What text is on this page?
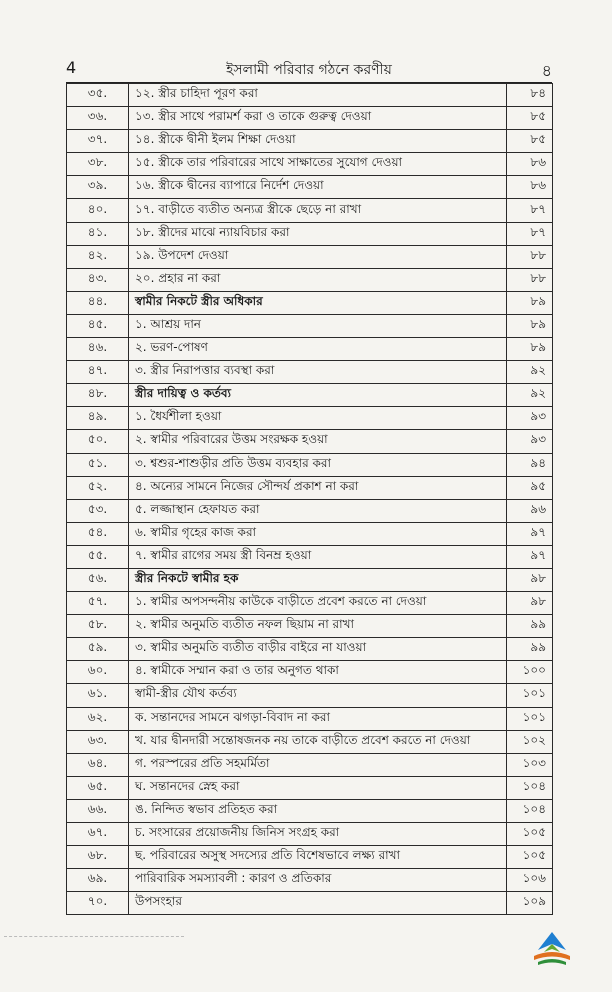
4	ইসলামী পরিবার গঠনে করণীয়	৪
৩৫.	১২. স্ত্রীর চাহিদা পূরণ করা	৮৪
৩৬.	১৩. স্ত্রীর সাথে পরামর্শ করা ও তাকে গুরুত্ব দেওয়া	৮৫
৩৭.	১৪. স্ত্রীকে দ্বীনী ইলম শিক্ষা দেওয়া	৮৫
৩৮.	১৫. স্ত্রীকে তার পরিবারের সাথে সাক্ষাতের সুযোগ দেওয়া	৮৬
৩৯.	১৬. স্ত্রীকে দ্বীনের ব্যাপারে নির্দেশ দেওয়া	৮৬
৪০.	১৭. বাড়ীতে ব্যতীত অন্যত্র স্ত্রীকে ছেড়ে না রাখা	৮৭
৪১.	১৮. স্ত্রীদের মাঝে ন্যায়বিচার করা	৮৭
৪২.	১৯. উপদেশ দেওয়া	৮৮
৪৩.	২০. প্রহার না করা	৮৮
৪৪.	স্বামীর নিকটে স্ত্রীর অধিকার	৮৯
৪৫.	১. আশ্রয় দান	৮৯
৪৬.	২. ভরণ-পোষণ	৮৯
৪৭.	৩. স্ত্রীর নিরাপত্তার ব্যবস্থা করা	৯২
৪৮.	স্ত্রীর দায়িত্ব ও কর্তব্য	৯২
৪৯.	১. ধৈর্যশীলা হওয়া	৯৩
৫০.	২. স্বামীর পরিবারের উত্তম সংরক্ষক হওয়া	৯৩
৫১.	৩. শ্বশুর-শাশুড়ীর প্রতি উত্তম ব্যবহার করা	৯৪
৫২.	৪. অন্যের সামনে নিজের সৌন্দর্য প্রকাশ না করা	৯৫
৫৩.	৫. লজ্জাস্থান হেফাযত করা	৯৬
৫৪.	৬. স্বামীর গৃহের কাজ করা	৯৭
৫৫.	৭. স্বামীর রাগের সময় স্ত্রী বিনম্র হওয়া	৯৭
৫৬.	স্ত্রীর নিকটে স্বামীর হক	৯৮
৫৭.	১. স্বামীর অপসন্দনীয় কাউকে বাড়ীতে প্রবেশ করতে না দেওয়া	৯৮
৫৮.	২. স্বামীর অনুমতি ব্যতীত নফল ছিয়াম না রাখা	৯৯
৫৯.	৩. স্বামীর অনুমতি ব্যতীত বাড়ীর বাইরে না যাওয়া	৯৯
৬০.	৪. স্বামীকে সম্মান করা ও তার অনুগত থাকা	১০০
৬১.	স্বামী-স্ত্রীর যৌথ কর্তব্য	১০১
৬২.	ক. সন্তানদের সামনে ঝগড়া-বিবাদ না করা	১০১
৬৩.	খ. যার দ্বীনদারী সন্তোষজনক নয় তাকে বাড়ীতে প্রবেশ করতে না দেওয়া	১০২
৬৪.	গ. পরস্পরের প্রতি সহমর্মিতা	১০৩
৬৫.	ঘ. সন্তানদের স্নেহ করা	১০৪
৬৬.	ঙ. নিন্দিত স্বভাব প্রতিহত করা	১০৪
৬৭.	চ. সংসারের প্রয়োজনীয় জিনিস সংগ্রহ করা	১০৫
৬৮.	ছ. পরিবারের অসুস্থ সদস্যের প্রতি বিশেষভাবে লক্ষ্য রাখা	১০৫
৬৯.	পারিবারিক সমস্যাবলী : কারণ ও প্রতিকার	১০৬
৭০.	উপসংহার	১০৯
